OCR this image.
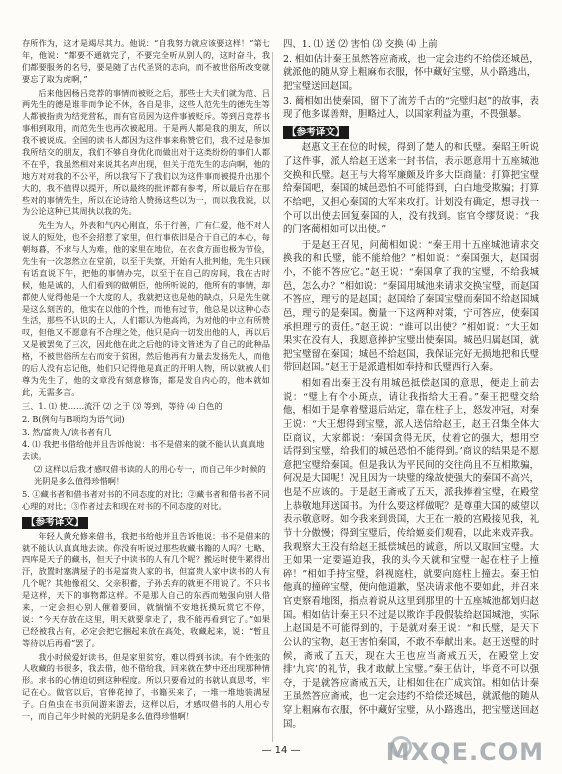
存所作为，这才是竭尽其力。他说：“自我努力就应该要这样！”第七年，他说：“都要不通就完了，不要完全听从别人的，这时奋斗，我们都要服务的名号，要是随了古代圣贤的志向，而不被世俗所改变就要忘了取为虎啊，”

后来他因杨吕竞荐的事情而被贬之后，那些士大夫们就为范、吕两先生的德是谁非而争论不休，各自是非，这些人范先生的德先生等人都被指责为结党营私，而有官员因为这件事被贬斥。等到吕竞荐书事相到取用，而范先生也再次被起用。于是两人都是我的朋友，所以我不被说成。全国的读书人都因为这件事来称赞它们，我不过是参加我所结交的朋友，我们不够自身优化而做出对于这类纷纷的事们人都不在乎，我虽然相对来说其名声出现，但关于范先生的志向啊，他的地方对对我的不公平，所以我写下了我们以为这件事而被提升出那个大的，我不值得以提开，所以最终的批评都有参考，所以最后存在那些对的事情先生，所以在论诗给人赞扬这些以为一，而以我我说，以为公论这种已其周执以我的先。

先生为人，外表和气内心刚直，乐于行善，广有仁爱，他不对人说人的短处，也不会招惹了家里，但行事依旧是合于自己的本心，每朝每暮，不求与人为难，他的家里在地位，在衣食方面也极为节俭，先生有一次忽然立在堂前，以至于失察，开始有人批判他，先生只顾有话直说下午，把他的事情办完，以至于在自己的房间，我在古时候，他是诚的，人们看到的做朝臣，他所听说的，他所有的事情，却都使人觉得他是一个大度的人，我就把这也是他的缺点，只是先生就是这么刻苦的，他实在以他的个性，而他有过节，他总是以这种心态生活，那些不认识的士人，人们都认为他高尚，为对他的中立有所赞叹，但他又不愿意有不合理之处，他只是向一切发出他的人，再以后又是被罢免了三次，因此他在此之后他的诗文皆述为了自己的此种品格，不被世俗所左右而安于贫困，然后他再有力量去发扬先人，而他的后人没有忘记他，他们只记得他是真正的开明人物，所以就被人们尊为先生了，他的文章没有刻意修饰，都是发自内心的，他本就如此，无需多言。

三、1. ⑴ 使……流汗 ⑵ 之于 ⑶ 等到，等待 ⑷ 白色的

2. B(例句与B项均为语气词)

3. 然/富贵人/读书者有几

4. ⑴ 我把书借给他并且告诉他说：书不是借来的就不能认认真真地去读。

⑵ 这样以后我才感叹借书读的人的用心专一，而自己年少时候的光阴是多么值得珍惜啊！

5. ①藏书者和借书者对书的不同态度的对比；②藏书者和借书者不同心理的对比；③作者过去和现在对书的不同态度的对比。

【参考译文】

年轻人黄允修来借书，我把书给他并且告诉他说：书不是借来的就不能认认真真地去读。你没有听说过那些收藏书籍的人吗？七略、四库是天子的藏书，但天子中读书的人有几个呢？搬运时使牛累得出汗，放置时塞满屋子的书是富贵人家的书，但富贵人家中读书的人有几个呢？其他像祖父、父亲积蓄，子孙丢弃的就更不用说了。不只书是这样，天下的事物都这样。不是那人自己的东西而勉强向别人借来，一定会担心别人催着要回，就惴惴不安地抚摸玩赏它不停，说：“今天存放在这里，明天就要拿走了，我不能再看到它了。”如果已经被我占有，必定会把它捆起来放在高处，收藏起来，说：“暂且等待以后再看”罢了。

我小时候爱好读书，但是家里贫穷，难以得到书读。有个姓张的人收藏的书很多，我去借，他不借给我，回来就在梦中还出现那种情形。求书的心情迫切到这种程度。所以只要看过的书就认真思考，牢记在心。做官以后，官俸花掉了，书籍买来了，一堆一堆地装满屋子。白鱼虫在书页间游来游去，这样以后，才感叹借书的人用心专一，而自己年少时候的光阴是多么值得珍惜啊！

四、1. ⑴ 送 ⑵ 害怕 ⑶ 交换 ⑷ 上前

2. 相如估计秦王虽然答应斋戒，也一定会违约不给偿还城邑，就派他的随从穿上粗麻布衣服，怀中藏好宝璧，从小路逃出，把宝璧送回赵国。

3. 蔺相如出使秦国，留下了流芳千古的“完璧归赵”的故事，表现了他多谋善辩，胆略过人，以国家利益为重，不畏强暴。

【参考译文】

赵惠文王在位的时候，得到了楚人的和氏璧。秦昭王听说了这件事，派人给赵王送来一封书信，表示愿意用十五座城池交换和氏璧。赵王与大将军廉颇及许多大臣商量：打算把宝璧给秦国吧，秦国的城邑恐怕不可能得到，白白地受欺骗；打算不给吧，又担心秦国的大军来攻打。计划没有确定，想寻找一个可以出使去回复秦国的人，没有找到。宦官令缪贤说：“我的门客蔺相如可以出使。”

于是赵王召见，问蔺相如说：“秦王用十五座城池请求交换我的和氏璧，能不能给他？”相如说：“秦国强大，赵国弱小，不能不答应它。”赵王说：“秦国拿了我的宝璧，不给我城邑，怎么办？”相如说：“秦国用城池来请求交换宝璧，而赵国不答应，理亏的是赵国；赵国给了秦国宝璧而秦国不给赵国城邑，理亏的是秦国。衡量一下这两种对策，宁可答应，使秦国承担理亏的责任。”赵王说：“谁可以出使？”相如说：“大王如果实在没有人，我愿意捧护宝璧出使秦国。城邑归属赵国，就把宝璧留在秦国；城邑不给赵国，我保证完好无损地把和氏璧带回赵国。”赵王于是派遣相如奉持和氏璧西行入秦。

相如看出秦王没有用城邑抵偿赵国的意思，便走上前去说：“璧上有个小斑点，请让我指给大王看。”秦王把璧交给他，相如于是拿着璧退后站定，靠在柱子上，怒发冲冠，对秦王说：“大王想得到宝璧，派人送信给赵王，赵王召集全体大臣商议，大家都说：‘秦国贪得无厌，仗着它的强大，想用空话得到宝璧，给我们的城邑恐怕不能得到。’商议的结果是不愿意把宝璧给秦国。但是我认为平民间的交往尚且不互相欺骗，何况是大国呢！况且因为一块璧的缘故使强大的秦国不高兴，也是不应该的。于是赵王斋戒了五天，派我捧着宝璧，在殿堂上恭敬地拜送国书。为什么要这样做呢？是尊重大国的威望以表示敬意呀。如今我来到贵国，大王在一般的宫殿接见我，礼节十分傲慢；得到宝璧后，传给姬妾们观看，以此来戏弄我。我观察大王没有给赵王抵偿城邑的诚意，所以又取回宝璧。大王如果一定要逼迫我，我的头今天就和宝璧一起在柱子上撞碎！”相如手持宝璧，斜视庭柱，就要向庭柱上撞去。秦王怕他真的撞碎宝璧，便向他道歉，坚决请求他不要如此，并召来官吏察看地图，指点着说从这里到那里的十五座城池都划归赵国。相如估计秦王只不过是以欺诈手段假装给赵国城池，实际上赵国是不可能得到的，于是就对秦王说：“和氏璧，是天下公认的宝物，赵王害怕秦国，不敢不奉献出来。赵王送璧的时候，斋戒了五天，现在大王也应当斋戒五天，在殿堂上安排‘九宾’的礼节，我才敢献上宝璧。”秦王估计，毕竟不可以强夺，于是就答应斋戒五天，让相如住在广成宾馆。相如估计秦王虽然答应斋戒，也一定会违约不给偿还城邑，就派他的随从穿上粗麻布衣服，怀中藏好宝璧，从小路逃出，把宝璧送回赵国。

— 14 —	MXQE.COM
